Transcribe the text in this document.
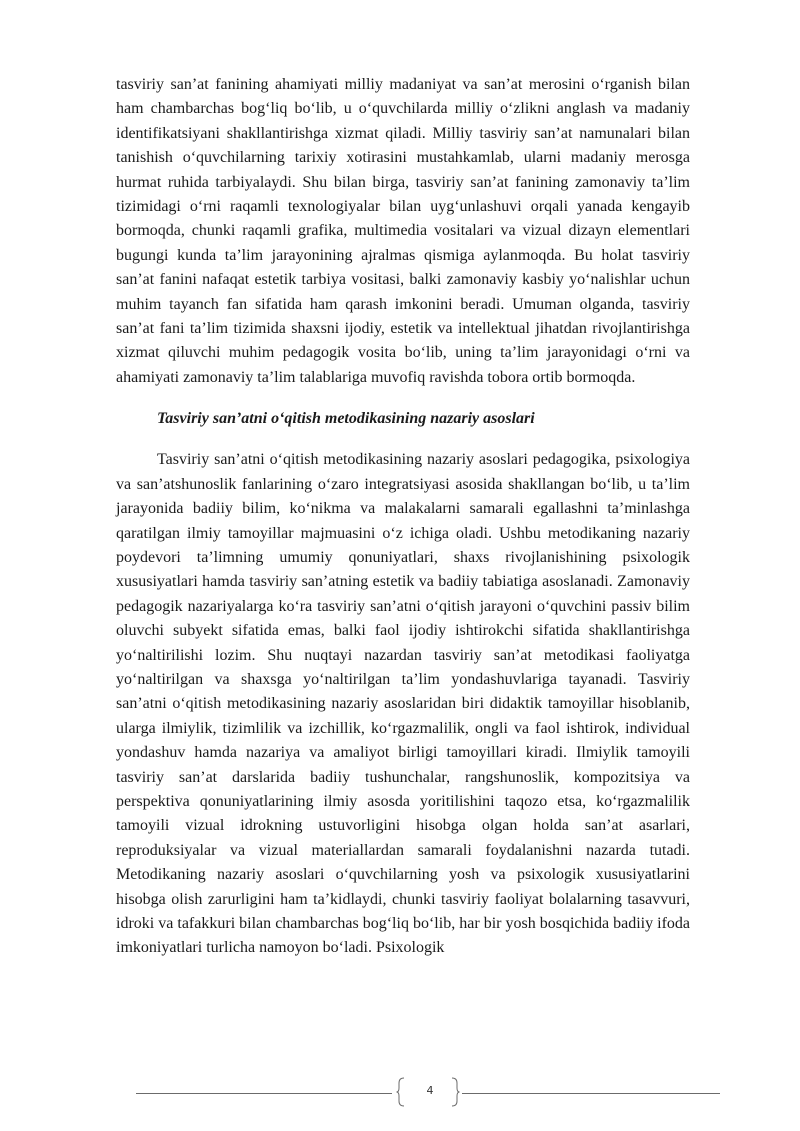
tasviriy san’at fanining ahamiyati milliy madaniyat va san’at merosini o‘rganish bilan ham chambarchas bog‘liq bo‘lib, u o‘quvchilarda milliy o‘zlikni anglash va madaniy identifikatsiyani shakllantirishga xizmat qiladi. Milliy tasviriy san’at namunalari bilan tanishish o‘quvchilarning tarixiy xotirasini mustahkamlab, ularni madaniy merosga hurmat ruhida tarbiyalaydi. Shu bilan birga, tasviriy san’at fanining zamonaviy ta’lim tizimidagi o‘rni raqamli texnologiyalar bilan uyg‘unlashuvi orqali yanada kengayib bormoqda, chunki raqamli grafika, multimedia vositalari va vizual dizayn elementlari bugungi kunda ta’lim jarayonining ajralmas qismiga aylanmoqda. Bu holat tasviriy san’at fanini nafaqat estetik tarbiya vositasi, balki zamonaviy kasbiy yo‘nalishlar uchun muhim tayanch fan sifatida ham qarash imkonini beradi. Umuman olganda, tasviriy san’at fani ta’lim tizimida shaxsni ijodiy, estetik va intellektual jihatdan rivojlantirishga xizmat qiluvchi muhim pedagogik vosita bo‘lib, uning ta’lim jarayonidagi o‘rni va ahamiyati zamonaviy ta’lim talablariga muvofiq ravishda tobora ortib bormoqda.

Tasviriy san’atni o‘qitish metodikasining nazariy asoslari

Tasviriy san’atni o‘qitish metodikasining nazariy asoslari pedagogika, psixologiya va san’atshunoslik fanlarining o‘zaro integratsiyasi asosida shakllangan bo‘lib, u ta’lim jarayonida badiiy bilim, ko‘nikma va malakalarni samarali egallashni ta’minlashga qaratilgan ilmiy tamoyillar majmuasini o‘z ichiga oladi. Ushbu metodikaning nazariy poydevori ta’limning umumiy qonuniyatlari, shaxs rivojlanishining psixologik xususiyatlari hamda tasviriy san’atning estetik va badiiy tabiatiga asoslanadi. Zamonaviy pedagogik nazariyalarga ko‘ra tasviriy san’atni o‘qitish jarayoni o‘quvchini passiv bilim oluvchi subyekt sifatida emas, balki faol ijodiy ishtirokchi sifatida shakllantirishga yo‘naltirilishi lozim. Shu nuqtayi nazardan tasviriy san’at metodikasi faoliyatga yo‘naltirilgan va shaxsga yo‘naltirilgan ta’lim yondashuvlariga tayanadi. Tasviriy san’atni o‘qitish metodikasining nazariy asoslaridan biri didaktik tamoyillar hisoblanib, ularga ilmiylik, tizimlilik va izchillik, ko‘rgazmalilik, ongli va faol ishtirok, individual yondashuv hamda nazariya va amaliyot birligi tamoyillari kiradi. Ilmiylik tamoyili tasviriy san’at darslarida badiiy tushunchalar, rangshunoslik, kompozitsiya va perspektiva qonuniyatlarining ilmiy asosda yoritilishini taqozo etsa, ko‘rgazmalilik tamoyili vizual idrokning ustuvorligini hisobga olgan holda san’at asarlari, reproduksiyalar va vizual materiallardan samarali foydalanishni nazarda tutadi. Metodikaning nazariy asoslari o‘quvchilarning yosh va psixologik xususiyatlarini hisobga olish zarurligini ham ta’kidlaydi, chunki tasviriy faoliyat bolalarning tasavvuri, idroki va tafakkuri bilan chambarchas bog‘liq bo‘lib, har bir yosh bosqichida badiiy ifoda imkoniyatlari turlicha namoyon bo‘ladi. Psixologik

4
